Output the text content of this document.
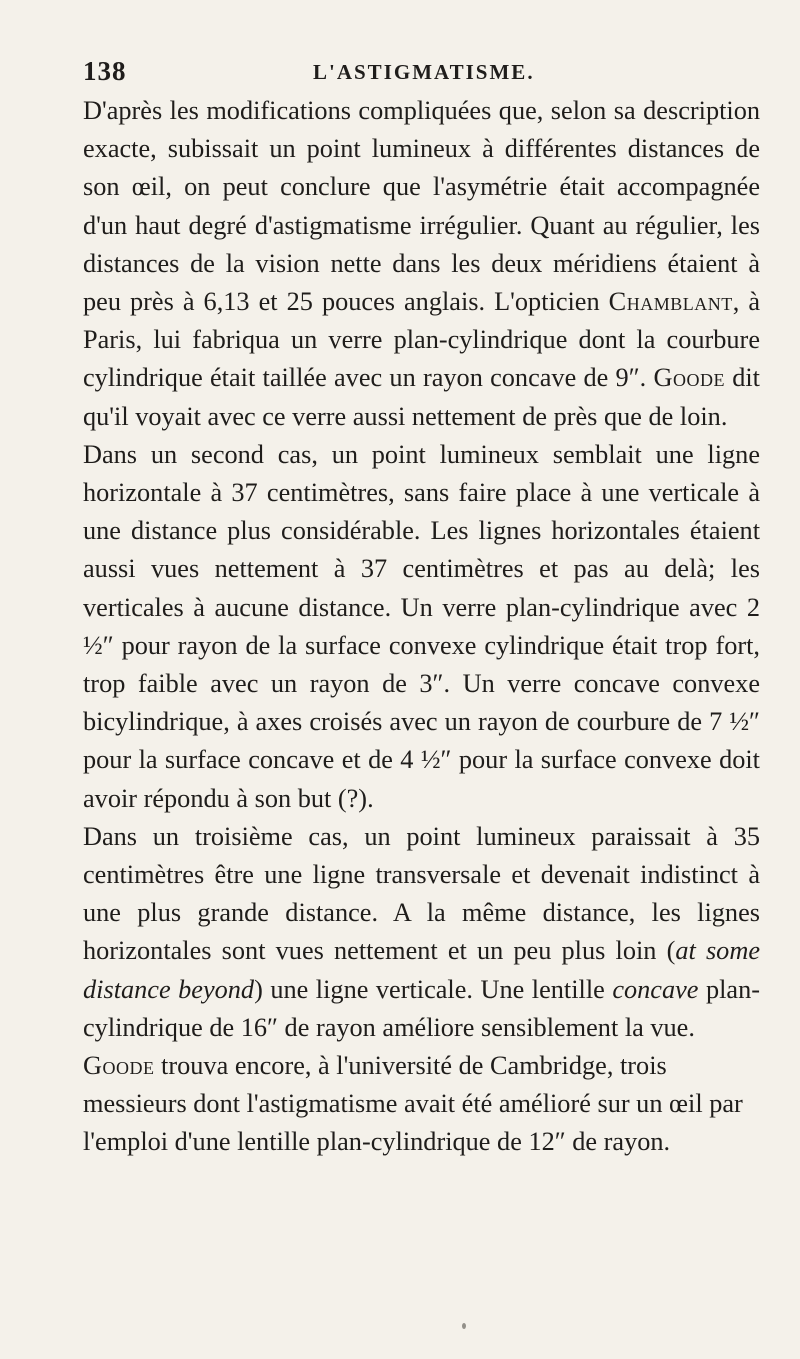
138	L'ASTIGMATISME.

D'après les modifications compliquées que, selon sa description exacte, subissait un point lumineux à différentes distances de son œil, on peut conclure que l'asymétrie était accompagnée d'un haut degré d'astigmatisme irrégulier. Quant au régulier, les distances de la vision nette dans les deux méridiens étaient à peu près à 6,13 et 25 pouces anglais. L'opticien Chamblant, à Paris, lui fabriqua un verre plan-cylindrique dont la courbure cylindrique était taillée avec un rayon concave de 9″. Goode dit qu'il voyait avec ce verre aussi nettement de près que de loin.

Dans un second cas, un point lumineux semblait une ligne horizontale à 37 centimètres, sans faire place à une verticale à une distance plus considérable. Les lignes horizontales étaient aussi vues nettement à 37 centimètres et pas au delà; les verticales à aucune distance. Un verre plan-cylindrique avec 2 ½″ pour rayon de la surface convexe cylindrique était trop fort, trop faible avec un rayon de 3″. Un verre concave convexe bicylindrique, à axes croisés avec un rayon de courbure de 7 ½″ pour la surface concave et de 4 ½″ pour la surface convexe doit avoir répondu à son but (?).

Dans un troisième cas, un point lumineux paraissait à 35 centimètres être une ligne transversale et devenait indistinct à une plus grande distance. A la même distance, les lignes horizontales sont vues nettement et un peu plus loin (at some distance beyond) une ligne verticale. Une lentille concave plan-cylindrique de 16″ de rayon améliore sensiblement la vue.

Goode trouva encore, à l'université de Cambridge, trois messieurs dont l'astigmatisme avait été amélioré sur un œil par l'emploi d'une lentille plan-cylindrique de 12″ de rayon.
